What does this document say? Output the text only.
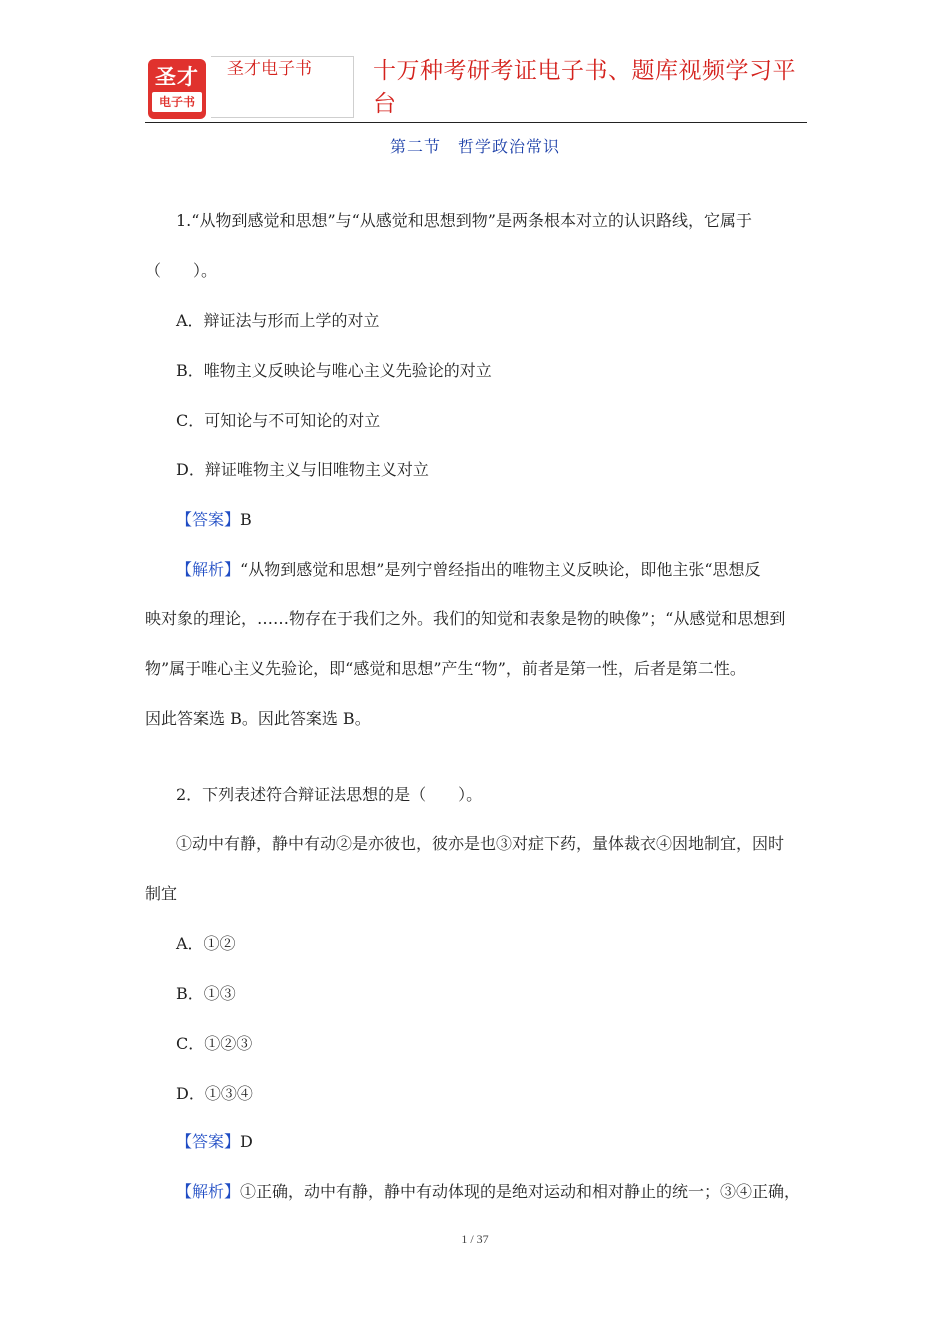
圣才
电子书
圣才电子书	十万种考研考证电子书、题库视频学习平台
第二节　哲学政治常识
1.“从物到感觉和思想”与“从感觉和思想到物”是两条根本对立的认识路线，它属于
（　　）。
A．辩证法与形而上学的对立
B．唯物主义反映论与唯心主义先验论的对立
C．可知论与不可知论的对立
D．辩证唯物主义与旧唯物主义对立
【答案】B
【解析】“从物到感觉和思想”是列宁曾经指出的唯物主义反映论，即他主张“思想反
映对象的理论，……物存在于我们之外。我们的知觉和表象是物的映像”；“从感觉和思想到
物”属于唯心主义先验论，即“感觉和思想”产生“物”，前者是第一性，后者是第二性。
因此答案选 B。因此答案选 B。
2．下列表述符合辩证法思想的是（　　）。
①动中有静，静中有动②是亦彼也，彼亦是也③对症下药，量体裁衣④因地制宜，因时
制宜
A．①②
B．①③
C．①②③
D．①③④
【答案】D
【解析】①正确，动中有静，静中有动体现的是绝对运动和相对静止的统一；③④正确，
1 / 37
